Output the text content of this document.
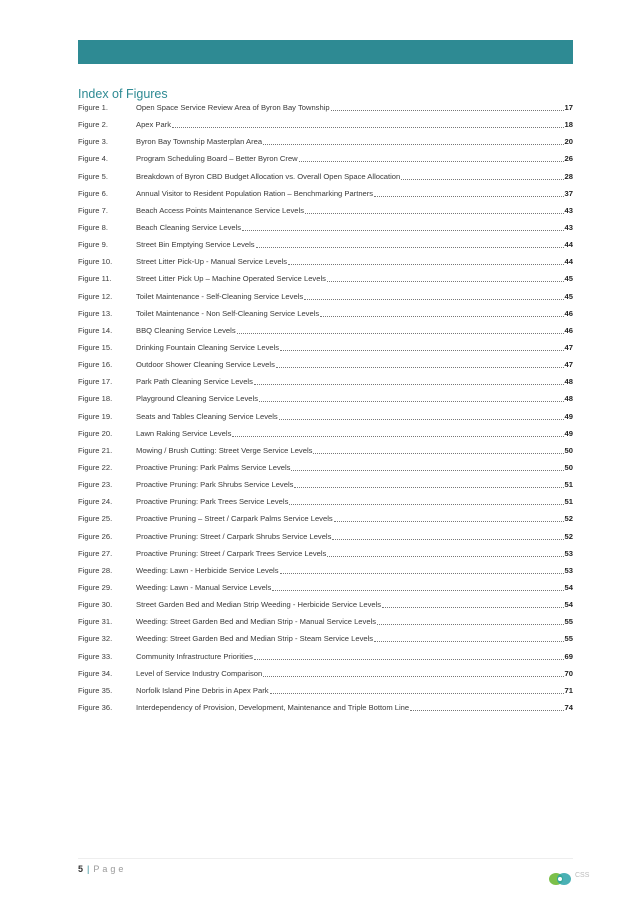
Index of Figures
Figure 1.	Open Space Service Review Area of Byron Bay Township	17
Figure 2.	Apex Park	18
Figure 3.	Byron Bay Township Masterplan Area	20
Figure 4.	Program Scheduling Board – Better Byron Crew	26
Figure 5.	Breakdown of Byron CBD Budget Allocation vs. Overall Open Space Allocation	28
Figure 6.	Annual Visitor to Resident Population Ration – Benchmarking Partners	37
Figure 7.	Beach Access Points Maintenance Service Levels	43
Figure 8.	Beach Cleaning Service Levels	43
Figure 9.	Street Bin Emptying Service Levels	44
Figure 10.	Street Litter Pick-Up - Manual Service Levels	44
Figure 11.	Street Litter Pick Up – Machine Operated Service Levels	45
Figure 12.	Toilet Maintenance - Self-Cleaning Service Levels	45
Figure 13.	Toilet Maintenance - Non Self-Cleaning Service Levels	46
Figure 14.	BBQ Cleaning Service Levels	46
Figure 15.	Drinking Fountain Cleaning Service Levels	47
Figure 16.	Outdoor Shower Cleaning Service Levels	47
Figure 17.	Park Path Cleaning Service Levels	48
Figure 18.	Playground Cleaning Service Levels	48
Figure 19.	Seats and Tables Cleaning Service Levels	49
Figure 20.	Lawn Raking Service Levels	49
Figure 21.	Mowing / Brush Cutting: Street Verge Service Levels	50
Figure 22.	Proactive Pruning: Park Palms Service Levels	50
Figure 23.	Proactive Pruning: Park Shrubs Service Levels	51
Figure 24.	Proactive Pruning: Park Trees Service Levels	51
Figure 25.	Proactive Pruning – Street / Carpark Palms Service Levels	52
Figure 26.	Proactive Pruning: Street / Carpark Shrubs Service Levels	52
Figure 27.	Proactive Pruning: Street / Carpark Trees Service Levels	53
Figure 28.	Weeding: Lawn - Herbicide Service Levels	53
Figure 29.	Weeding: Lawn - Manual Service Levels	54
Figure 30.	Street Garden Bed and Median Strip Weeding - Herbicide Service Levels	54
Figure 31.	Weeding: Street Garden Bed and Median Strip - Manual Service Levels	55
Figure 32.	Weeding: Street Garden Bed and Median Strip - Steam Service Levels	55
Figure 33.	Community Infrastructure Priorities	69
Figure 34.	Level of Service Industry Comparison	70
Figure 35.	Norfolk Island Pine Debris in Apex Park	71
Figure 36.	Interdependency of Provision, Development, Maintenance and Triple Bottom Line	74
5 | Page
CSS
